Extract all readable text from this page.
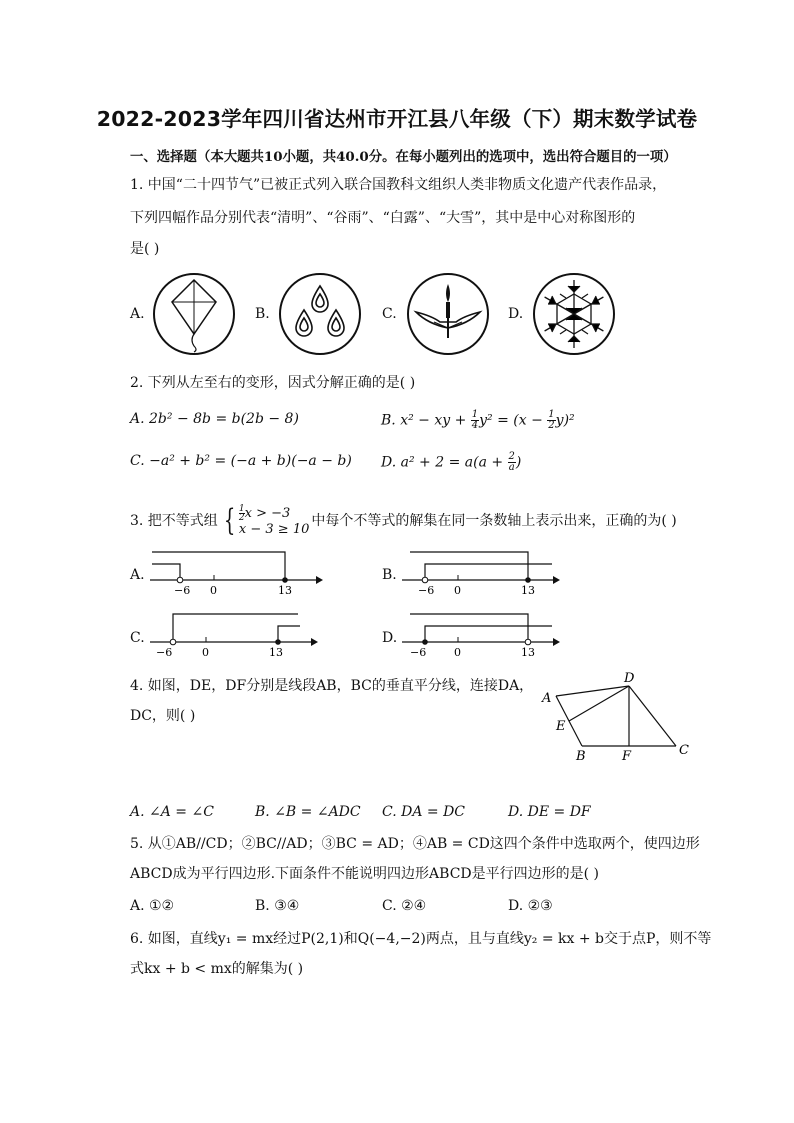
2022-2023学年四川省达州市开江县八年级（下）期末数学试卷
一、选择题（本大题共10小题，共40.0分。在每小题列出的选项中，选出符合题目的一项）
1. 中国“二十四节气”已被正式列入联合国教科文组织人类非物质文化遗产代表作品录，
下列四幅作品分别代表“清明”、“谷雨”、“白露”、“大雪”，其中是中心对称图形的
是( )
A.	B.	C.	D.
2. 下列从左至右的变形，因式分解正确的是( )
A. 2b² − 8b = b(2b − 8)	B. x² − xy + $\frac{1}{4} y^2 = (x - \frac{1}{2} y)^2$
C. −a² + b² = (−a + b)(−a − b) D. $a^2 + 2 = a(a + \frac{2}{a}$ )
3. 把不等式组 { $\frac{1}{2}$ x > −3
x − 3 ≥ 10
中每个不等式的解集在同一条数轴上表示出来，正确的为( )
A.	B.
C.	D.
−6 0	13	−6 0	13
−6	0	13	−6	0	13
4. 如图，DE，DF分别是线段AB，BC的垂直平分线，连接DA，
DC，则( )
A
D
E
B	F	C
A. ∠A = ∠C	B. ∠B = ∠ADC C. DA = DC	D. DE = DF
5. 从①AB//CD；②BC//AD；③BC = AD；④AB = CD这四个条件中选取两个，使四边形
ABCD成为平行四边形.下面条件不能说明四边形ABCD是平行四边形的是( )
A. ①②	B. ③④	C. ②④	D. ②③
6. 如图，直线y₁ = mx经过P(2,1)和Q(−4,−2)两点，且与直线y₂ = kx + b交于点P，则不等
式kx + b < mx的解集为( )
